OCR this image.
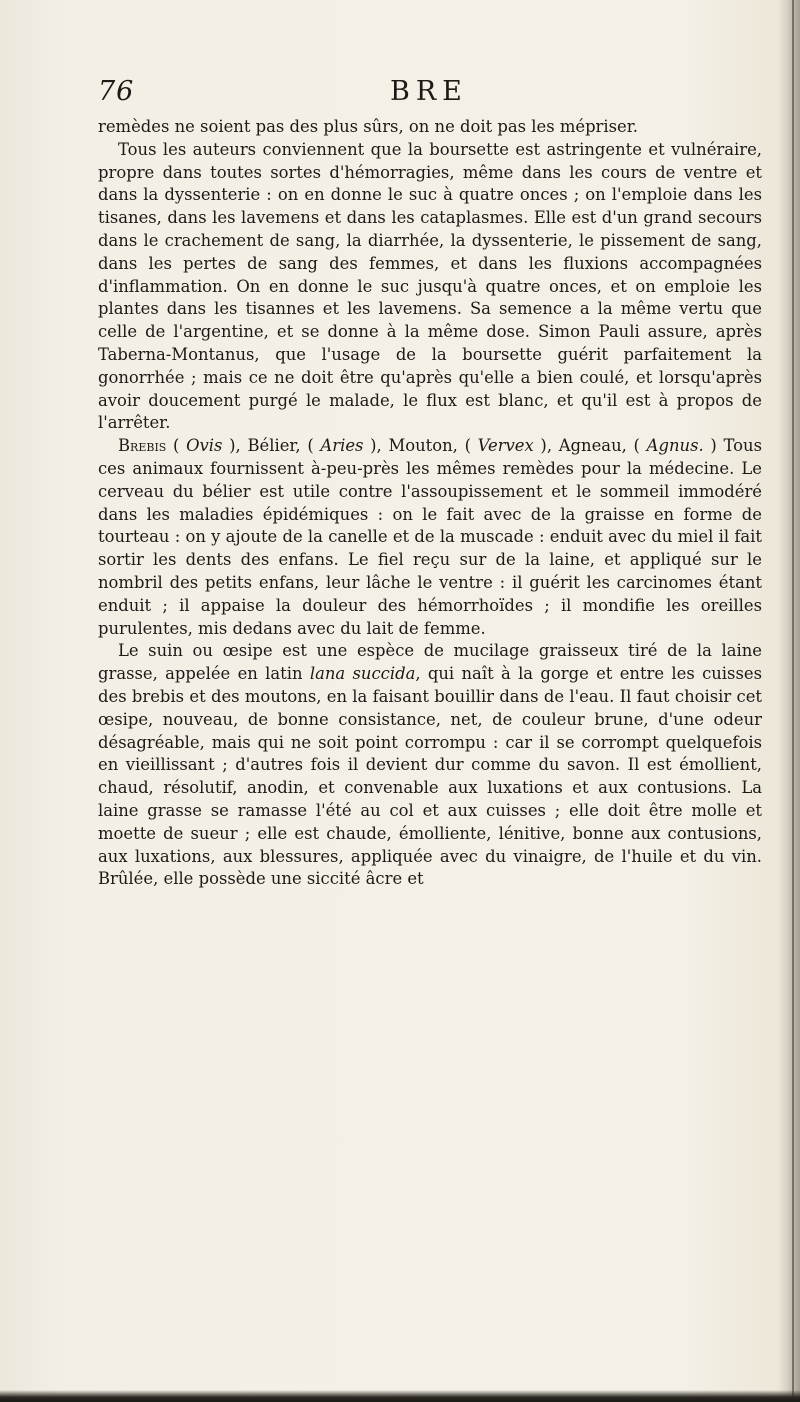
76	BRE

remèdes ne soient pas des plus sûrs, on ne doit pas les mépriser.

Tous les auteurs conviennent que la boursette est astringente et vulnéraire, propre dans toutes sortes d'hémorragies, même dans les cours de ventre et dans la dyssenterie : on en donne le suc à quatre onces ; on l'emploie dans les tisanes, dans les lavemens et dans les cataplasmes. Elle est d'un grand secours dans le crachement de sang, la diarrhée, la dyssenterie, le pissement de sang, dans les pertes de sang des femmes, et dans les fluxions accompagnées d'inflammation. On en donne le suc jusqu'à quatre onces, et on emploie les plantes dans les tisannes et les lavemens. Sa semence a la même vertu que celle de l'argentine, et se donne à la même dose. Simon Pauli assure, après Taberna-Montanus, que l'usage de la boursette guérit parfaitement la gonorrhée ; mais ce ne doit être qu'après qu'elle a bien coulé, et lorsqu'après avoir doucement purgé le malade, le flux est blanc, et qu'il est à propos de l'arrêter.

Brebis ( Ovis ), Bélier, ( Aries ), Mouton, ( Vervex ), Agneau, ( Agnus. ) Tous ces animaux fournissent à-peu-près les mêmes remèdes pour la médecine. Le cerveau du bélier est utile contre l'assoupissement et le sommeil immodéré dans les maladies épidémiques : on le fait avec de la graisse en forme de tourteau : on y ajoute de la canelle et de la muscade : enduit avec du miel il fait sortir les dents des enfans. Le fiel reçu sur de la laine, et appliqué sur le nombril des petits enfans, leur lâche le ventre : il guérit les carcinomes étant enduit ; il appaise la douleur des hémorrhoïdes ; il mondifie les oreilles purulentes, mis dedans avec du lait de femme.

Le suin ou œsipe est une espèce de mucilage graisseux tiré de la laine grasse, appelée en latin lana succida, qui naît à la gorge et entre les cuisses des brebis et des moutons, en la faisant bouillir dans de l'eau. Il faut choisir cet œsipe, nouveau, de bonne consistance, net, de couleur brune, d'une odeur désagréable, mais qui ne soit point corrompu : car il se corrompt quelquefois en vieillissant ; d'autres fois il devient dur comme du savon. Il est émollient, chaud, résolutif, anodin, et convenable aux luxations et aux contusions. La laine grasse se ramasse l'été au col et aux cuisses ; elle doit être molle et moette de sueur ; elle est chaude, émolliente, lénitive, bonne aux contusions, aux luxations, aux blessures, appliquée avec du vinaigre, de l'huile et du vin. Brûlée, elle possède une siccité âcre et
